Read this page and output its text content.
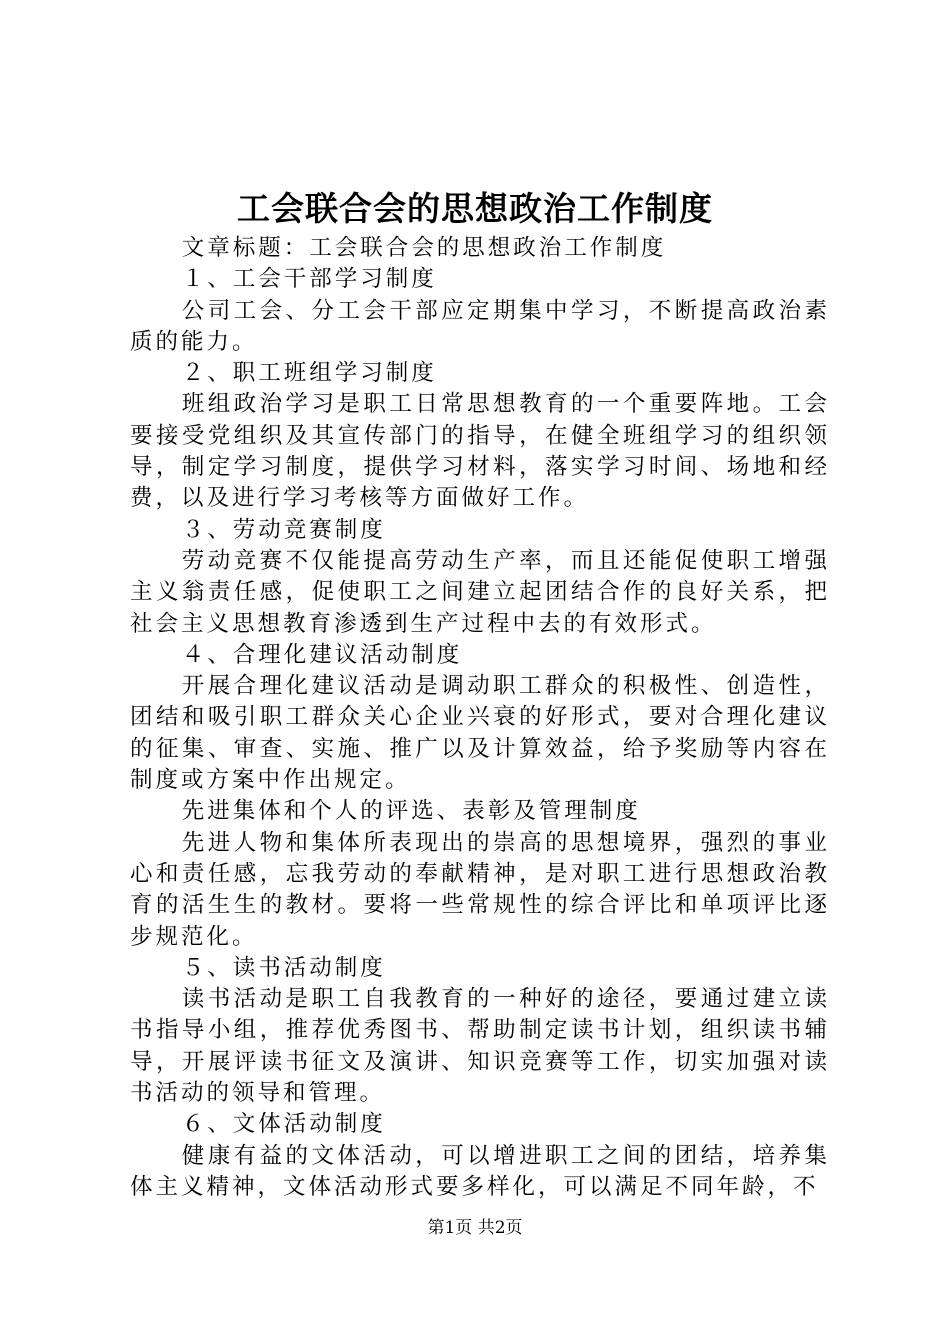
工会联合会的思想政治工作制度

文章标题：工会联合会的思想政治工作制度

１、工会干部学习制度

公司工会、分工会干部应定期集中学习，不断提高政治素质的能力。

２、职工班组学习制度

班组政治学习是职工日常思想教育的一个重要阵地。工会要接受党组织及其宣传部门的指导，在健全班组学习的组织领导，制定学习制度，提供学习材料，落实学习时间、场地和经费，以及进行学习考核等方面做好工作。

３、劳动竞赛制度

劳动竞赛不仅能提高劳动生产率，而且还能促使职工增强主义翁责任感，促使职工之间建立起团结合作的良好关系，把社会主义思想教育渗透到生产过程中去的有效形式。

４、合理化建议活动制度

开展合理化建议活动是调动职工群众的积极性、创造性，团结和吸引职工群众关心企业兴衰的好形式，要对合理化建议的征集、审查、实施、推广以及计算效益，给予奖励等内容在制度或方案中作出规定。

先进集体和个人的评选、表彰及管理制度

先进人物和集体所表现出的崇高的思想境界，强烈的事业心和责任感，忘我劳动的奉献精神，是对职工进行思想政治教育的活生生的教材。要将一些常规性的综合评比和单项评比逐步规范化。

５、读书活动制度

读书活动是职工自我教育的一种好的途径，要通过建立读书指导小组，推荐优秀图书、帮助制定读书计划，组织读书辅导，开展评读书征文及演讲、知识竞赛等工作，切实加强对读书活动的领导和管理。

６、文体活动制度

健康有益的文体活动，可以增进职工之间的团结，培养集体主义精神，文体活动形式要多样化，可以满足不同年龄，不

第1页 共2页
